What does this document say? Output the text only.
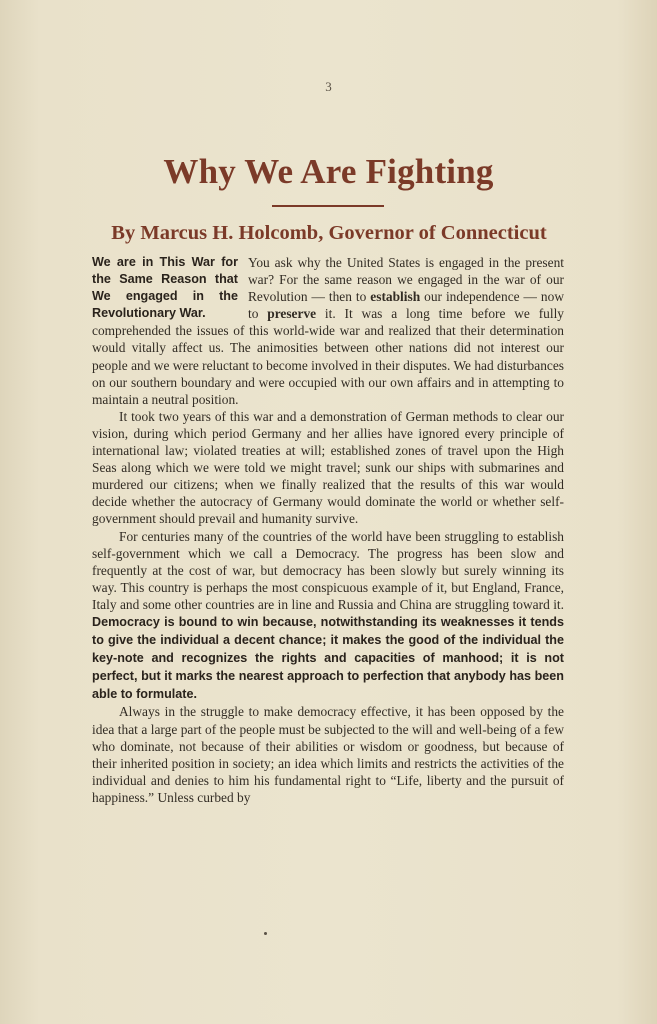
3
Why We Are Fighting
By Marcus H. Holcomb, Governor of Connecticut

We are in This War for the Same Reason that We engaged in the Revolutionary War.
You ask why the United States is engaged in the present war? For the same reason we engaged in the war of our Revolution — then to establish our independence — now to preserve it. It was a long time before we fully comprehended the issues of this world-wide war and realized that their determination would vitally affect us. The animosities between other nations did not interest our people and we were reluctant to become involved in their disputes. We had disturbances on our southern boundary and were occupied with our own affairs and in attempting to maintain a neutral position.

It took two years of this war and a demonstration of German methods to clear our vision, during which period Germany and her allies have ignored every principle of international law; violated treaties at will; established zones of travel upon the High Seas along which we were told we might travel; sunk our ships with submarines and murdered our citizens; when we finally realized that the results of this war would decide whether the autocracy of Germany would dominate the world or whether self-government should prevail and humanity survive.

For centuries many of the countries of the world have been struggling to establish self-government which we call a Democracy. The progress has been slow and frequently at the cost of war, but democracy has been slowly but surely winning its way. This country is perhaps the most conspicuous example of it, but England, France, Italy and some other countries are in line and Russia and China are struggling toward it. Democracy is bound to win because, notwithstanding its weaknesses it tends to give the individual a decent chance; it makes the good of the individual the key-note and recognizes the rights and capacities of manhood; it is not perfect, but it marks the nearest approach to perfection that anybody has been able to formulate.

Always in the struggle to make democracy effective, it has been opposed by the idea that a large part of the people must be subjected to the will and well-being of a few who dominate, not because of their abilities or wisdom or goodness, but because of their inherited position in society; an idea which limits and restricts the activities of the individual and denies to him his fundamental right to “Life, liberty and the pursuit of happiness.” Unless curbed by
